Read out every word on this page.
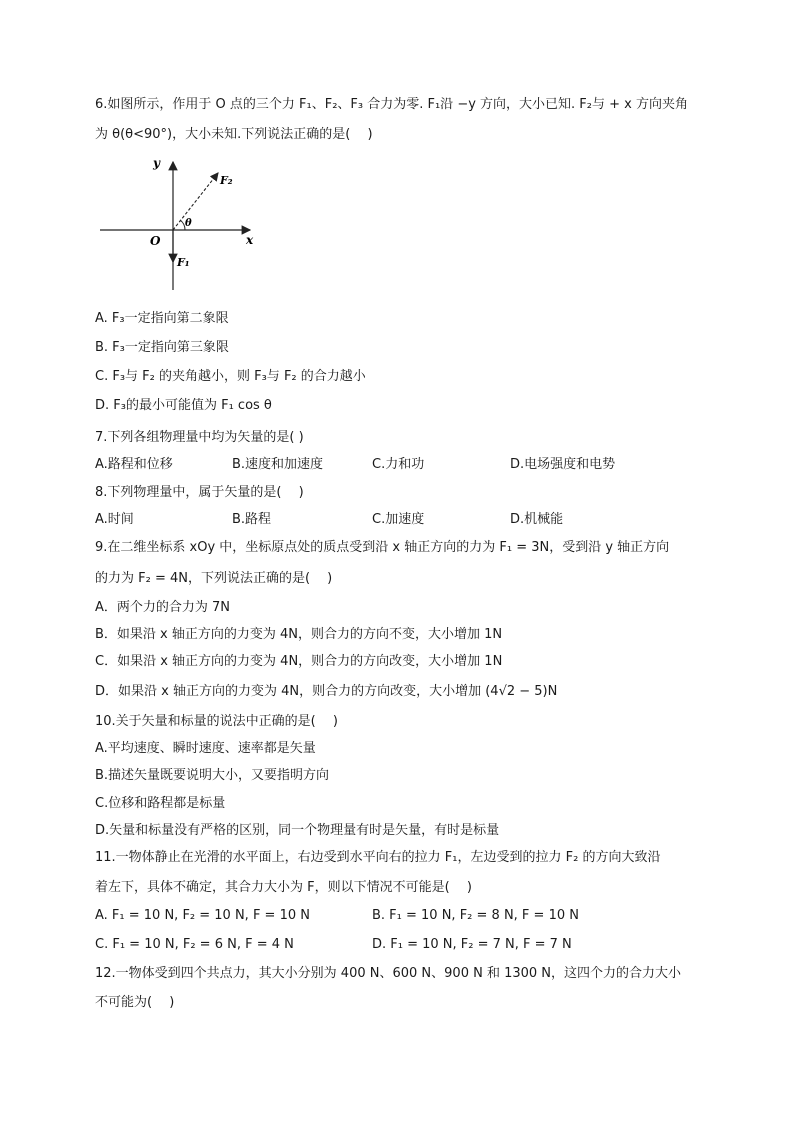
6.如图所示，作用于 O 点的三个力 F₁、F₂、F₃ 合力为零. F₁沿 −y 方向，大小已知. F₂与 + x 方向夹角
为 θ(θ<90°)，大小未知.下列说法正确的是(　 )
y
x
O
θ
F₂
F₁
A. F₃一定指向第二象限
B. F₃一定指向第三象限
C. F₃与 F₂ 的夹角越小，则 F₃与 F₂ 的合力越小
D. F₃的最小可能值为 F₁ cos θ
7.下列各组物理量中均为矢量的是( )
A.路程和位移	B.速度和加速度	C.力和功	D.电场强度和电势
8.下列物理量中，属于矢量的是(　 )
A.时间	B.路程	C.加速度	D.机械能
9.在二维坐标系 xOy 中，坐标原点处的质点受到沿 x 轴正方向的力为 F₁ = 3N，受到沿 y 轴正方向
的力为 F₂ = 4N，下列说法正确的是(　 )
A．两个力的合力为 7N
B．如果沿 x 轴正方向的力变为 4N，则合力的方向不变，大小增加 1N
C．如果沿 x 轴正方向的力变为 4N，则合力的方向改变，大小增加 1N
D．如果沿 x 轴正方向的力变为 4N，则合力的方向改变，大小增加 (4√2 − 5)N
10.关于矢量和标量的说法中正确的是(　 )
A.平均速度、瞬时速度、速率都是矢量
B.描述矢量既要说明大小，又要指明方向
C.位移和路程都是标量
D.矢量和标量没有严格的区别，同一个物理量有时是矢量，有时是标量
11.一物体静止在光滑的水平面上，右边受到水平向右的拉力 F₁，左边受到的拉力 F₂ 的方向大致沿
着左下，具体不确定，其合力大小为 F，则以下情况不可能是(　 )
A. F₁ = 10 N, F₂ = 10 N, F = 10 N	B. F₁ = 10 N, F₂ = 8 N, F = 10 N
C. F₁ = 10 N, F₂ = 6 N, F = 4 N	D. F₁ = 10 N, F₂ = 7 N, F = 7 N
12.一物体受到四个共点力，其大小分别为 400 N、600 N、900 N 和 1300 N，这四个力的合力大小
不可能为(　 )
